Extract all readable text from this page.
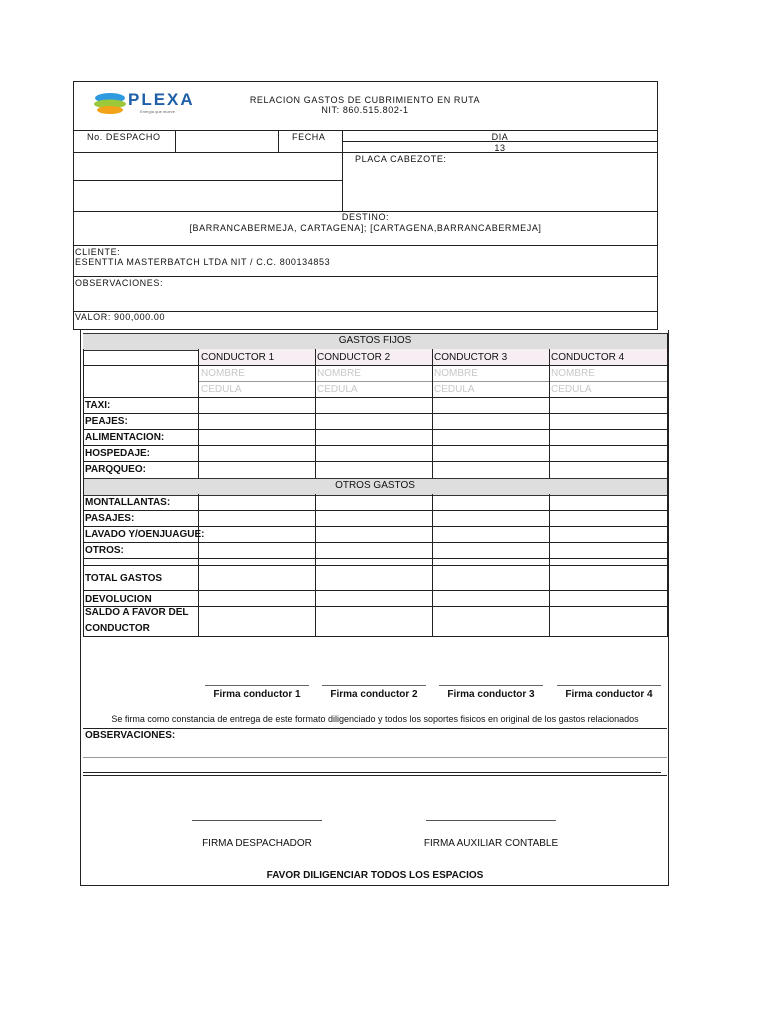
PLEXA
Energía que mueve
RELACION GASTOS DE CUBRIMIENTO EN RUTA
NIT: 860.515.802-1
No. DESPACHO	FECHA	DIA
13
PLACA CABEZOTE:
DESTINO:
[BARRANCABERMEJA, CARTAGENA]; [CARTAGENA,BARRANCABERMEJA]
CLIENTE:
ESENTTIA MASTERBATCH LTDA NIT / C.C. 800134853
OBSERVACIONES:
VALOR: 900,000.00
GASTOS FIJOS
OTROS GASTOS
CONDUCTOR 1	CONDUCTOR 2	CONDUCTOR 3	CONDUCTOR 4
NOMBRE	NOMBRE	NOMBRE	NOMBRE
CEDULA	CEDULA	CEDULA	CEDULA
TAXI:
PEAJES:
ALIMENTACION:
HOSPEDAJE:
PARQQUEO:
MONTALLANTAS:
PASAJES:
LAVADO Y/OENJUAGUE:
OTROS:
TOTAL GASTOS
DEVOLUCION
SALDO A FAVOR DEL
CONDUCTOR
Firma conductor 1	Firma conductor 2	Firma conductor 3	Firma conductor 4
Se firma como constancia de entrega de este formato diligenciado y todos los soportes fisicos en original de los gastos relacionados
OBSERVACIONES:
FIRMA DESPACHADOR	FIRMA AUXILIAR CONTABLE
FAVOR DILIGENCIAR TODOS LOS ESPACIOS
